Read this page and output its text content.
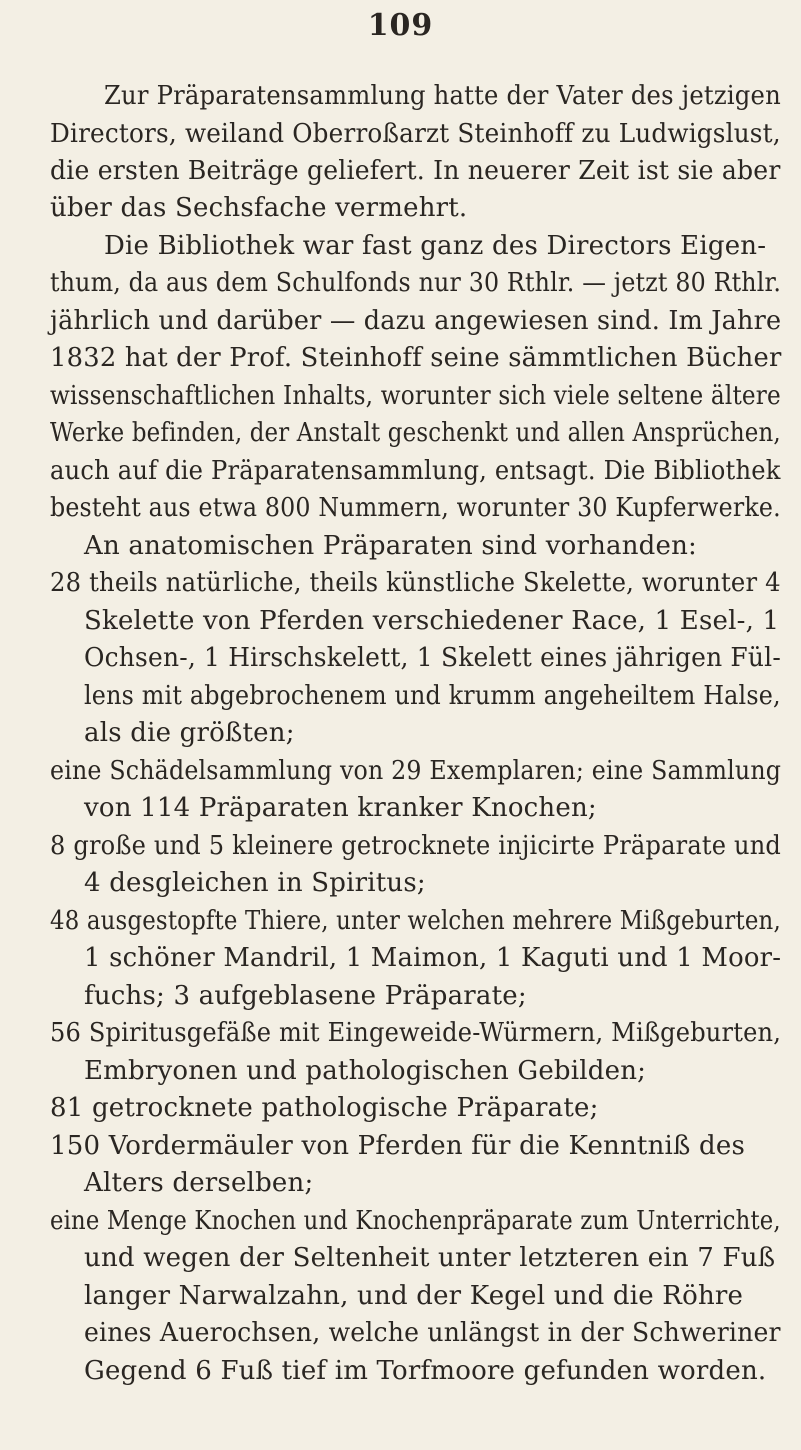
109
Zur Präparatensammlung hatte der Vater des jetzigen
Directors, weiland Oberroßarzt Steinhoff zu Ludwigslust,
die ersten Beiträge geliefert. In neuerer Zeit ist sie aber
über das Sechsfache vermehrt.
Die Bibliothek war fast ganz des Directors Eigen-
thum, da aus dem Schulfonds nur 30 Rthlr. — jetzt 80 Rthlr.
jährlich und darüber — dazu angewiesen sind. Im Jahre
1832 hat der Prof. Steinhoff seine sämmtlichen Bücher
wissenschaftlichen Inhalts, worunter sich viele seltene ältere
Werke befinden, der Anstalt geschenkt und allen Ansprüchen,
auch auf die Präparatensammlung, entsagt. Die Bibliothek
besteht aus etwa 800 Nummern, worunter 30 Kupferwerke.
An anatomischen Präparaten sind vorhanden:
28 theils natürliche, theils künstliche Skelette, worunter 4
Skelette von Pferden verschiedener Race, 1 Esel-, 1
Ochsen-, 1 Hirschskelett, 1 Skelett eines jährigen Fül-
lens mit abgebrochenem und krumm angeheiltem Halse,
als die größten;
eine Schädelsammlung von 29 Exemplaren; eine Sammlung
von 114 Präparaten kranker Knochen;
8 große und 5 kleinere getrocknete injicirte Präparate und
4 desgleichen in Spiritus;
48 ausgestopfte Thiere, unter welchen mehrere Mißgeburten,
1 schöner Mandril, 1 Maimon, 1 Kaguti und 1 Moor-
fuchs; 3 aufgeblasene Präparate;
56 Spiritusgefäße mit Eingeweide-Würmern, Mißgeburten,
Embryonen und pathologischen Gebilden;
81 getrocknete pathologische Präparate;
150 Vordermäuler von Pferden für die Kenntniß des
Alters derselben;
eine Menge Knochen und Knochenpräparate zum Unterrichte,
und wegen der Seltenheit unter letzteren ein 7 Fuß
langer Narwalzahn, und der Kegel und die Röhre
eines Auerochsen, welche unlängst in der Schweriner
Gegend 6 Fuß tief im Torfmoore gefunden worden.
